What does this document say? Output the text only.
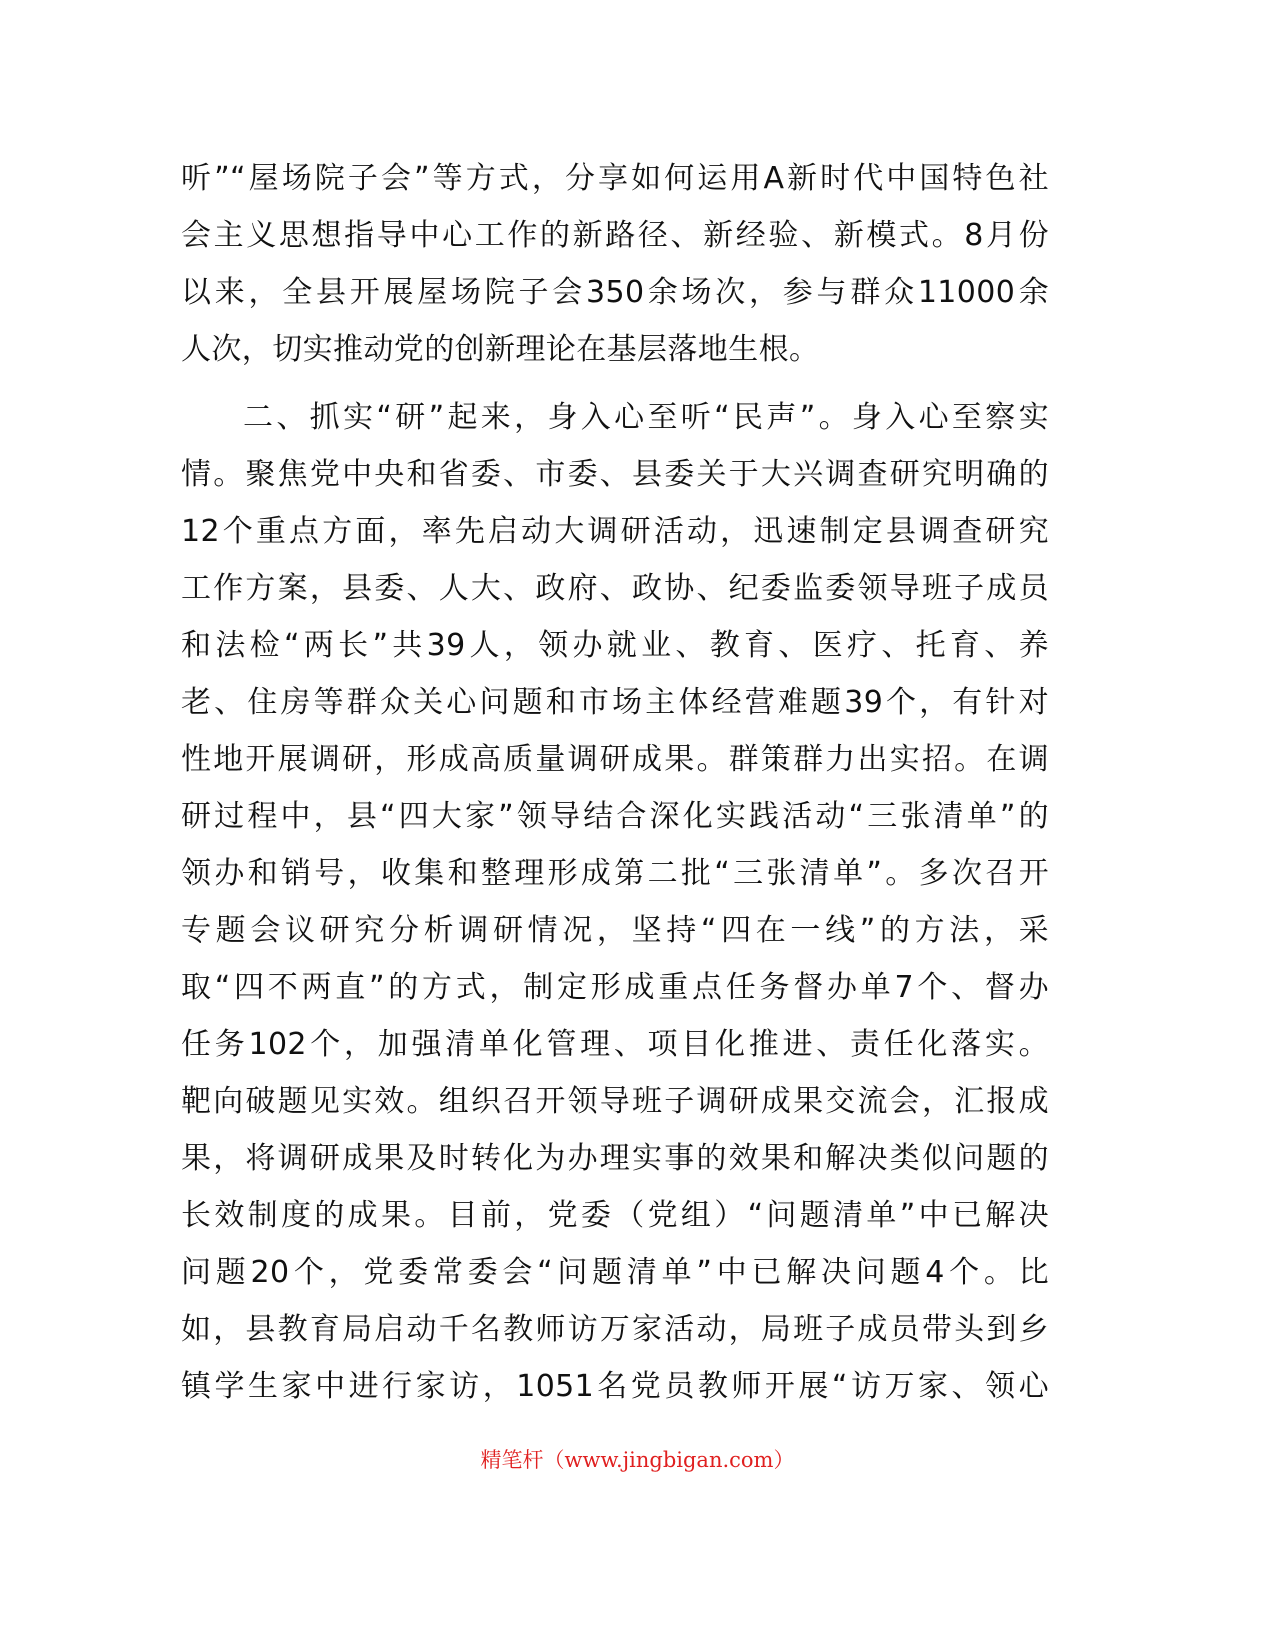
听”“屋场院子会”等方式，分享如何运用A新时代中国特色社
会主义思想指导中心工作的新路径、新经验、新模式。8月份
以来，全县开展屋场院子会350余场次，参与群众11000余
人次，切实推动党的创新理论在基层落地生根。
二、抓实“研”起来，身入心至听“民声”。身入心至察实
情。聚焦党中央和省委、市委、县委关于大兴调查研究明确的
12个重点方面，率先启动大调研活动，迅速制定县调查研究
工作方案，县委、人大、政府、政协、纪委监委领导班子成员
和法检“两长”共39人，领办就业、教育、医疗、托育、养
老、住房等群众关心问题和市场主体经营难题39个，有针对
性地开展调研，形成高质量调研成果。群策群力出实招。在调
研过程中，县“四大家”领导结合深化实践活动“三张清单”的
领办和销号，收集和整理形成第二批“三张清单”。多次召开
专题会议研究分析调研情况，坚持“四在一线”的方法，采
取“四不两直”的方式，制定形成重点任务督办单7个、督办
任务102个，加强清单化管理、项目化推进、责任化落实。
靶向破题见实效。组织召开领导班子调研成果交流会，汇报成
果，将调研成果及时转化为办理实事的效果和解决类似问题的
长效制度的成果。目前，党委（党组）“问题清单”中已解决
问题20个，党委常委会“问题清单”中已解决问题4个。比
如，县教育局启动千名教师访万家活动，局班子成员带头到乡
镇学生家中进行家访，1051名党员教师开展“访万家、领心
精笔杆（www.jingbigan.com）
